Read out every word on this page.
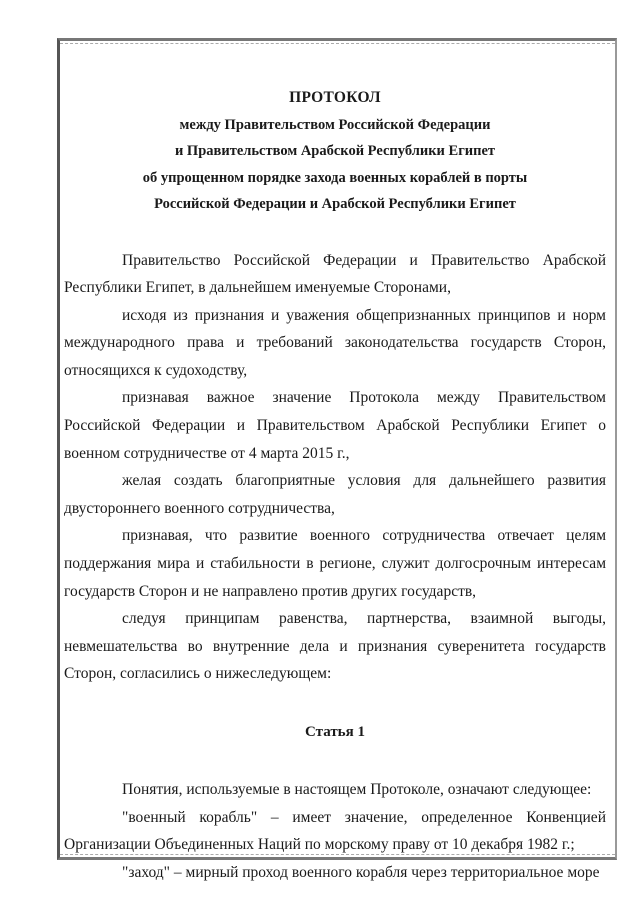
ПРОТОКОЛ
между Правительством Российской Федерации
и Правительством Арабской Республики Египет
об упрощенном порядке захода военных кораблей в порты
Российской Федерации и Арабской Республики Египет

Правительство Российской Федерации и Правительство Арабской Республики Египет, в дальнейшем именуемые Сторонами,

исходя из признания и уважения общепризнанных принципов и норм международного права и требований законодательства государств Сторон, относящихся к судоходству,

признавая важное значение Протокола между Правительством Российской Федерации и Правительством Арабской Республики Египет о военном сотрудничестве от 4 марта 2015 г.,

желая создать благоприятные условия для дальнейшего развития двустороннего военного сотрудничества,

признавая, что развитие военного сотрудничества отвечает целям поддержания мира и стабильности в регионе, служит долгосрочным интересам государств Сторон и не направлено против других государств,

следуя принципам равенства, партнерства, взаимной выгоды, невмешательства во внутренние дела и признания суверенитета государств Сторон, согласились о нижеследующем:

Статья 1

Понятия, используемые в настоящем Протоколе, означают следующее:

"военный корабль" – имеет значение, определенное Конвенцией Организации Объединенных Наций по морскому праву от 10 декабря 1982 г.;

"заход" – мирный проход военного корабля через территориальное море
